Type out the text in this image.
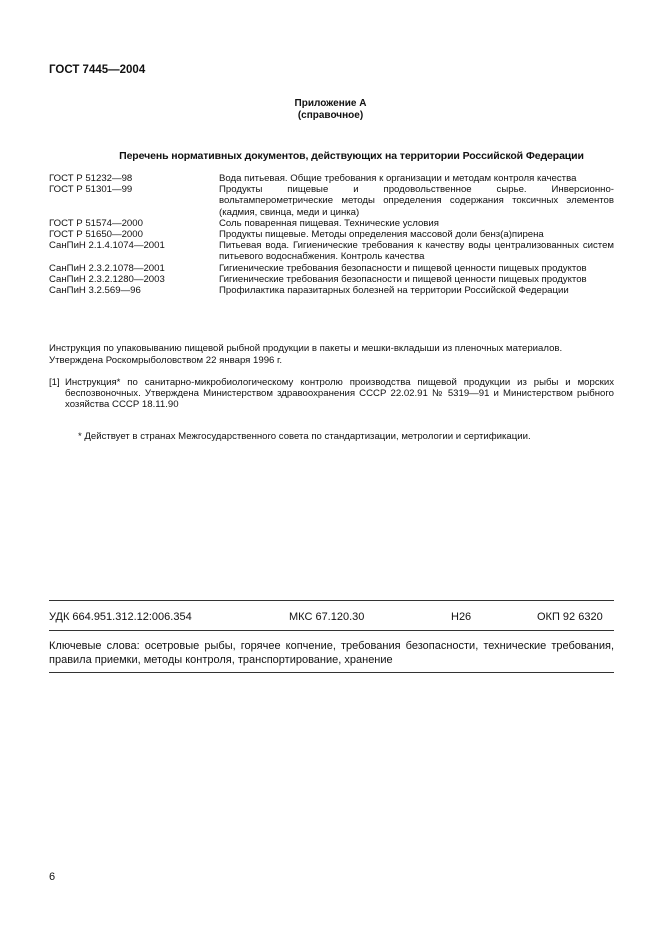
ГОСТ 7445—2004
Приложение А
(справочное)
Перечень нормативных документов, действующих на территории Российской Федерации
ГОСТ Р 51232—98	Вода питьевая. Общие требования к организации и методам контроля качества
ГОСТ Р 51301—99	Продукты пищевые и продовольственное сырье. Инверсионно-вольтамперометрические методы определения содержания токсичных элементов (кадмия, свинца, меди и цинка)
ГОСТ Р 51574—2000	Соль поваренная пищевая. Технические условия
ГОСТ Р 51650—2000	Продукты пищевые. Методы определения массовой доли бенз(а)пирена
СанПиН 2.1.4.1074—2001	Питьевая вода. Гигиенические требования к качеству воды централизованных систем питьевого водоснабжения. Контроль качества
СанПиН 2.3.2.1078—2001	Гигиенические требования безопасности и пищевой ценности пищевых продуктов
СанПиН 2.3.2.1280—2003	Гигиенические требования безопасности и пищевой ценности пищевых продуктов
СанПиН 3.2.569—96	Профилактика паразитарных болезней на территории Российской Федерации
Инструкция по упаковыванию пищевой рыбной продукции в пакеты и мешки-вкладыши из пленочных материалов. Утверждена Роскомрыболовством 22 января 1996 г.
[1] Инструкция* по санитарно-микробиологическому контролю производства пищевой продукции из рыбы и морских беспозвоночных. Утверждена Министерством здравоохранения СССР 22.02.91 № 5319—91 и Министерством рыбного хозяйства СССР 18.11.90
* Действует в странах Межгосударственного совета по стандартизации, метрологии и сертификации.
УДК 664.951.312.12:006.354	МКС 67.120.30	Н26	ОКП 92 6320
Ключевые слова: осетровые рыбы, горячее копчение, требования безопасности, технические требования, правила приемки, методы контроля, транспортирование, хранение
6
